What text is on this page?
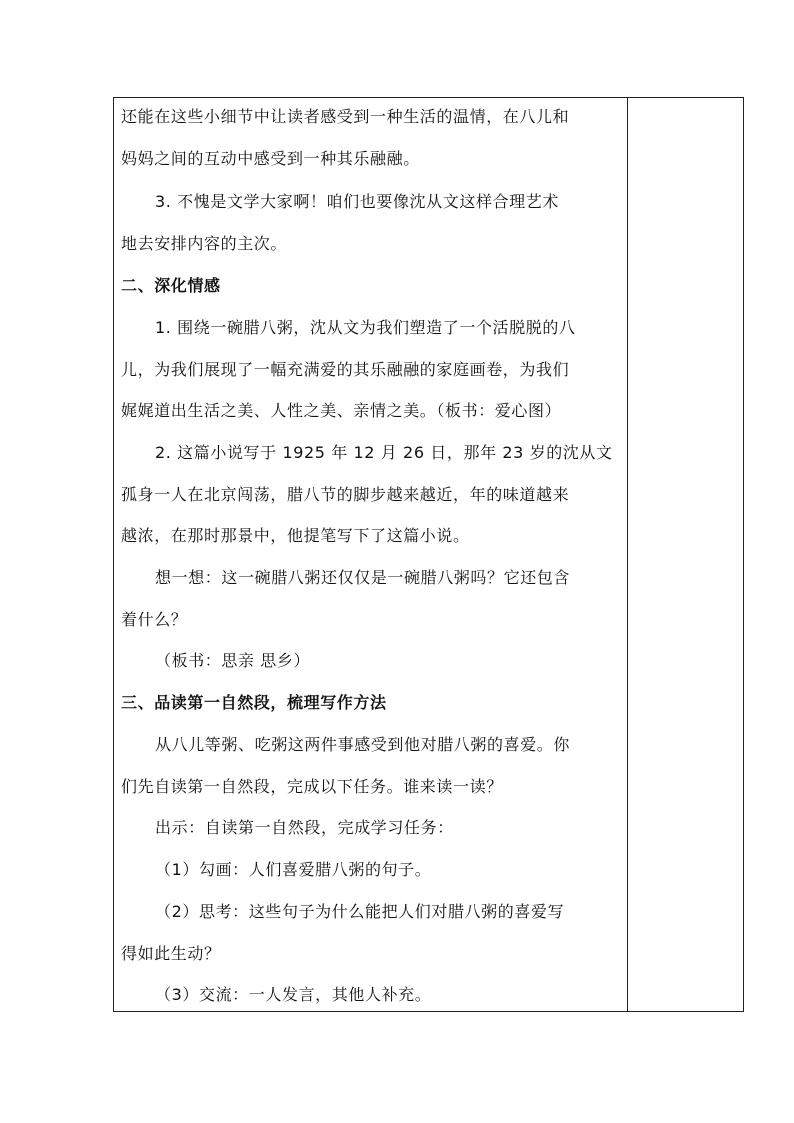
还能在这些小细节中让读者感受到一种生活的温情，在八儿和
妈妈之间的互动中感受到一种其乐融融。
3. 不愧是文学大家啊！咱们也要像沈从文这样合理艺术
地去安排内容的主次。
二、深化情感
1. 围绕一碗腊八粥，沈从文为我们塑造了一个活脱脱的八
儿，为我们展现了一幅充满爱的其乐融融的家庭画卷，为我们
娓娓道出生活之美、人性之美、亲情之美。（板书：爱心图）
2. 这篇小说写于 1925 年 12 月 26 日，那年 23 岁的沈从文
孤身一人在北京闯荡，腊八节的脚步越来越近，年的味道越来
越浓，在那时那景中，他提笔写下了这篇小说。
想一想：这一碗腊八粥还仅仅是一碗腊八粥吗？它还包含
着什么？
（板书：思亲 思乡）
三、品读第一自然段，梳理写作方法
从八儿等粥、吃粥这两件事感受到他对腊八粥的喜爱。你
们先自读第一自然段，完成以下任务。谁来读一读？
出示：自读第一自然段，完成学习任务：
（1）勾画：人们喜爱腊八粥的句子。
（2）思考：这些句子为什么能把人们对腊八粥的喜爱写
得如此生动？
（3）交流：一人发言，其他人补充。
